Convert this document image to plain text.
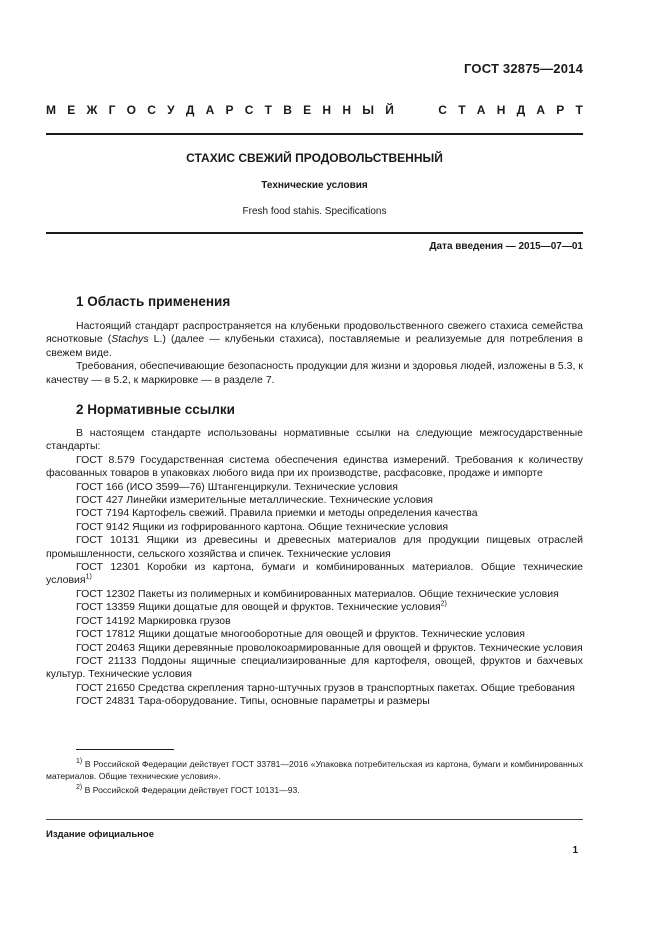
ГОСТ 32875—2014
М Е Ж Г О С У Д А Р С Т В Е Н Н Ы Й	С Т А Н Д А Р Т
СТАХИС СВЕЖИЙ ПРОДОВОЛЬСТВЕННЫЙ
Технические условия
Fresh food stahis. Specifications
Дата введения — 2015—07—01
1 Область применения

Настоящий стандарт распространяется на клубеньки продовольственного свежего стахиса семейства яснотковые (Stachys L.) (далее — клубеньки стахиса), поставляемые и реализуемые для потребления в свежем виде.

Требования, обеспечивающие безопасность продукции для жизни и здоровья людей, изложены в 5.3, к качеству — в 5.2, к маркировке — в разделе 7.

2 Нормативные ссылки

В настоящем стандарте использованы нормативные ссылки на следующие межгосударственные стандарты:

ГОСТ 8.579 Государственная система обеспечения единства измерений. Требования к количеству фасованных товаров в упаковках любого вида при их производстве, расфасовке, продаже и импорте

ГОСТ 166 (ИСО 3599—76) Штангенциркули. Технические условия

ГОСТ 427 Линейки измерительные металлические. Технические условия

ГОСТ 7194 Картофель свежий. Правила приемки и методы определения качества

ГОСТ 9142 Ящики из гофрированного картона. Общие технические условия

ГОСТ 10131 Ящики из древесины и древесных материалов для продукции пищевых отраслей промышленности, сельского хозяйства и спичек. Технические условия

ГОСТ 12301 Коробки из картона, бумаги и комбинированных материалов. Общие технические условия$^{1)}$

ГОСТ 12302 Пакеты из полимерных и комбинированных материалов. Общие технические условия

ГОСТ 13359 Ящики дощатые для овощей и фруктов. Технические условия$^{2)}$

ГОСТ 14192 Маркировка грузов

ГОСТ 17812 Ящики дощатые многооборотные для овощей и фруктов. Технические условия

ГОСТ 20463 Ящики деревянные проволокоармированные для овощей и фруктов. Технические условия

ГОСТ 21133 Поддоны ящичные специализированные для картофеля, овощей, фруктов и бахчевых культур. Технические условия

ГОСТ 21650 Средства скрепления тарно-штучных грузов в транспортных пакетах. Общие требования

ГОСТ 24831 Тара-оборудование. Типы, основные параметры и размеры

$^{1)}$ В Российской Федерации действует ГОСТ 33781—2016 «Упаковка потребительская из картона, бумаги и комбинированных материалов. Общие технические условия».
$^{2)}$ В Российской Федерации действует ГОСТ 10131—93.
Издание официальное
1
